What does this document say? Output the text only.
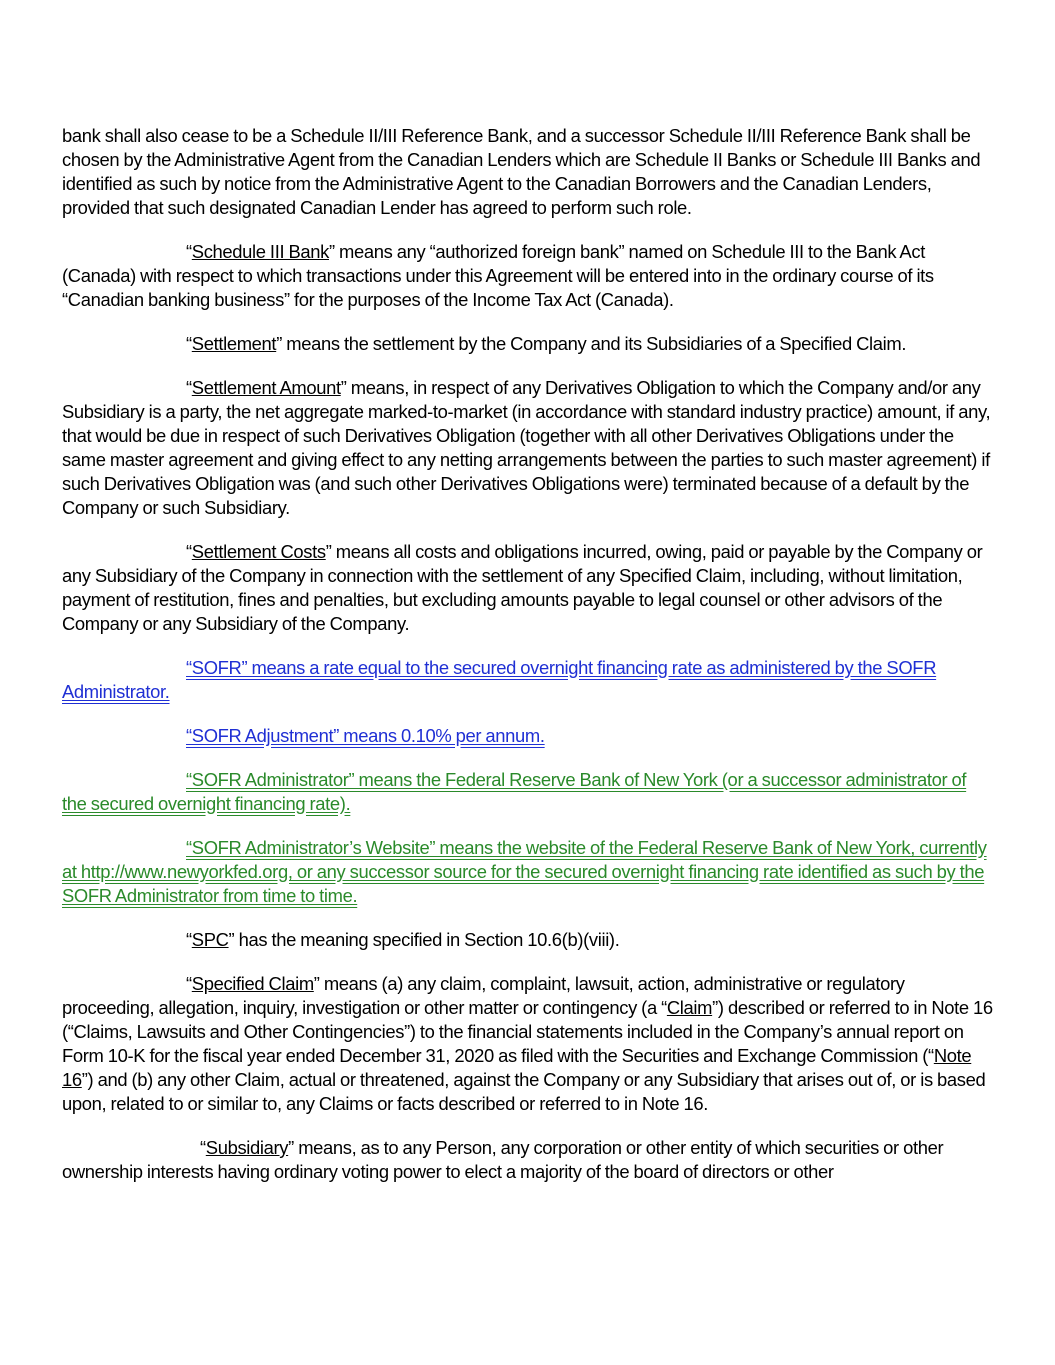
bank shall also cease to be a Schedule II/III Reference Bank, and a successor Schedule II/III Reference Bank shall be chosen by the Administrative Agent from the Canadian Lenders which are Schedule II Banks or Schedule III Banks and identified as such by notice from the Administrative Agent to the Canadian Borrowers and the Canadian Lenders, provided that such designated Canadian Lender has agreed to perform such role.

“Schedule III Bank” means any “authorized foreign bank” named on Schedule III to the Bank Act (Canada) with respect to which transactions under this Agreement will be entered into in the ordinary course of its “Canadian banking business” for the purposes of the Income Tax Act (Canada).

“Settlement” means the settlement by the Company and its Subsidiaries of a Specified Claim.

“Settlement Amount” means, in respect of any Derivatives Obligation to which the Company and/or any Subsidiary is a party, the net aggregate marked-to-market (in accordance with standard industry practice) amount, if any, that would be due in respect of such Derivatives Obligation (together with all other Derivatives Obligations under the same master agreement and giving effect to any netting arrangements between the parties to such master agreement) if such Derivatives Obligation was (and such other Derivatives Obligations were) terminated because of a default by the Company or such Subsidiary.

“Settlement Costs” means all costs and obligations incurred, owing, paid or payable by the Company or any Subsidiary of the Company in connection with the settlement of any Specified Claim, including, without limitation, payment of restitution, fines and penalties, but excluding amounts payable to legal counsel or other advisors of the Company or any Subsidiary of the Company.

“SOFR” means a rate equal to the secured overnight financing rate as administered by the SOFR Administrator.

“SOFR Adjustment” means 0.10% per annum.

“SOFR Administrator” means the Federal Reserve Bank of New York (or a successor administrator of the secured overnight financing rate).

“SOFR Administrator’s Website” means the website of the Federal Reserve Bank of New York, currently at http://www.newyorkfed.org, or any successor source for the secured overnight financing rate identified as such by the SOFR Administrator from time to time.

“SPC” has the meaning specified in Section 10.6(b)(viii).

“Specified Claim” means (a) any claim, complaint, lawsuit, action, administrative or regulatory proceeding, allegation, inquiry, investigation or other matter or contingency (a “Claim”) described or referred to in Note 16 (“Claims, Lawsuits and Other Contingencies”) to the financial statements included in the Company’s annual report on Form 10-K for the fiscal year ended December 31, 2020 as filed with the Securities and Exchange Commission (“Note 16”) and (b) any other Claim, actual or threatened, against the Company or any Subsidiary that arises out of, or is based upon, related to or similar to, any Claims or facts described or referred to in Note 16.

“Subsidiary” means, as to any Person, any corporation or other entity of which securities or other ownership interests having ordinary voting power to elect a majority of the board of directors or other
